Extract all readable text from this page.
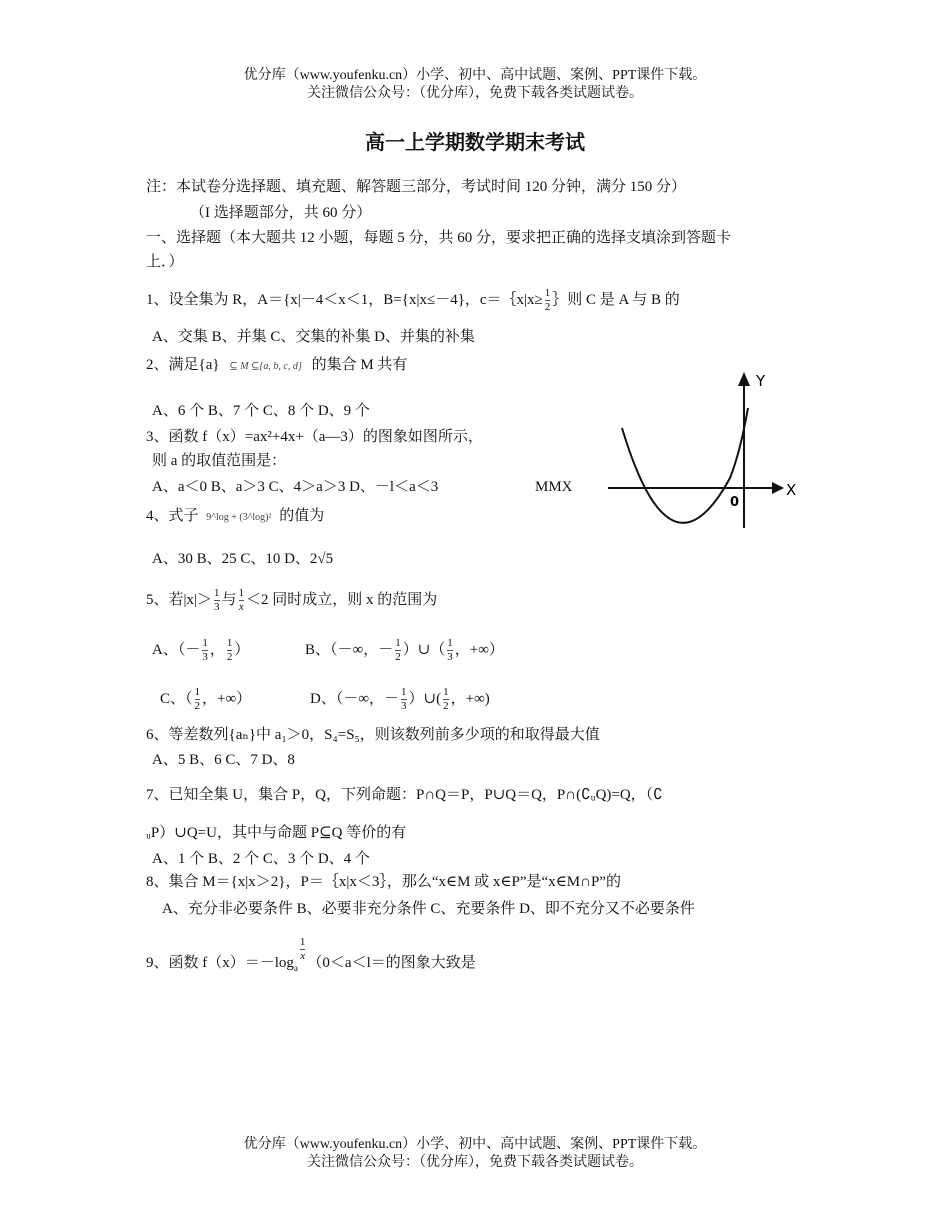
优分库（www.youfenku.cn）小学、初中、高中试题、案例、PPT课件下载。
关注微信公众号：（优分库），免费下载各类试题试卷。
高一上学期数学期末考试
注：本试卷分选择题、填充题、解答题三部分，考试时间 120 分钟，满分 150 分）
（I 选择题部分，共 60 分）
一、选择题（本大题共 12 小题，每题 5 分，共 60 分，要求把正确的选择支填涂到答题卡
上．）
1、设全集为 R，A＝{x|－4＜x＜1，B={x|x≤－4}，c＝｛x|x≥ $\frac{1}{2}$ ｝则 C 是 A 与 B 的
A、交集 B、并集 C、交集的补集 D、并集的补集
2、满足{a} ⊆ M ⊆{a, b, c, d} 的集合 M 共有
A、6 个 B、7 个 C、8 个 D、9 个
3、函数 f（x）=ax²+4x+（a—3）的图象如图所示，
则 a 的取值范围是：
A、a＜0 B、a＞3 C、4＞a＞3 D、－l＜a＜3	MMX
Y
X
0
4、式子 9^log + (3^log)² 的值为
A、30 B、25 C、10 D、2√5
5、若$|x|> \frac{1}{3}$ 与 $\frac{1}{x} <2$ 同时成立，则 x 的范围为
A、（－ $\frac{1}{3}$ ， $\frac{1}{2}$ ）	B、（－∞，－ $\frac{1}{2}$ ）∪（ $\frac{1}{3}$ ，+∞）
C、（ $\frac{1}{2}$ ，+∞）	D、（－∞，－ $\frac{1}{3}$ ）∪( $\frac{1}{2}$ ，+∞)
6、等差数列{aₙ}中 a₁＞0，S₄=S₅，则该数列前多少项的和取得最大值
A、5 B、6 C、7 D、8
7、已知全集 U，集合 P，Q，下列命题：P∩Q＝P，P∪Q＝Q，P∩(∁ᵤQ)=Q，（∁
ᵤP）∪Q=U，其中与命题 P⊆Q 等价的有
A、1 个 B、2 个 C、3 个 D、4 个
8、集合 M＝{x|x＞2}，P＝｛x|x＜3｝，那么“x∈M 或 x∈P”是“x∈M∩P”的
A、充分非必要条件 B、必要非充分条件 C、充要条件 D、即不充分又不必要条件
9、函数 $f(x)=-\log_a$
$\frac{1}{x} (0<a<l=$的图象大致是
优分库（www.youfenku.cn）小学、初中、高中试题、案例、PPT课件下载。
关注微信公众号：（优分库），免费下载各类试题试卷。
